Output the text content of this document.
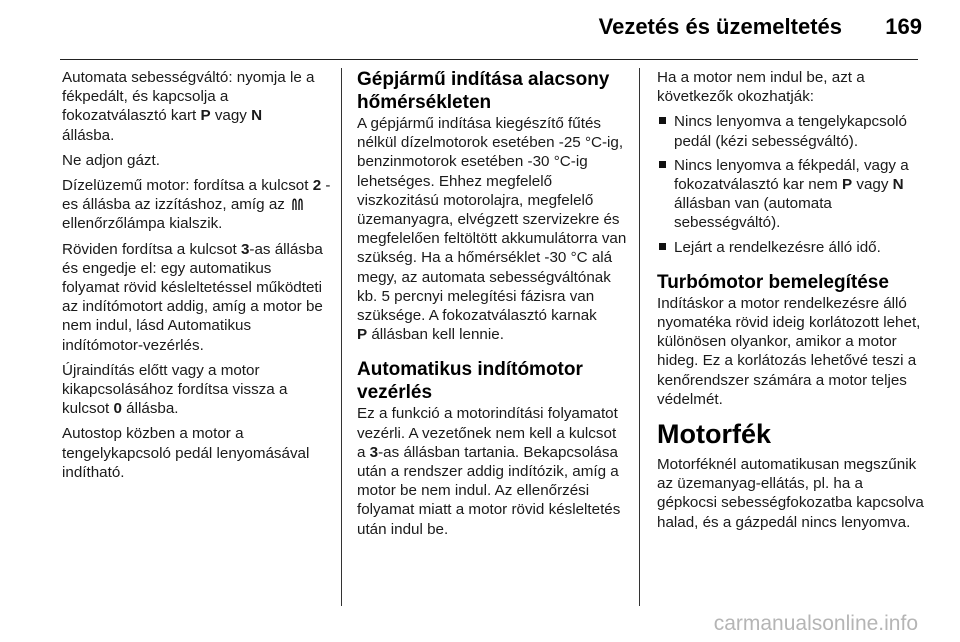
Vezetés és üzemeltetés 169

Automata sebességváltó: nyomja le a fékpedált, és kapcsolja a fokozatválasztó kart P vagy N
állásba.

Ne adjon gázt.

Dízelüzemű motor: fordítsa a kulcsot 2 - es állásba az izzításhoz, amíg az  ellenőrzőlámpa kialszik.

Röviden fordítsa a kulcsot 3-as állásba és engedje el: egy automatikus folyamat rövid késleltetéssel működteti az indítómotort addig, amíg a motor be nem indul, lásd Automatikus indítómotor-vezérlés.

Újraindítás előtt vagy a motor kikapcsolásához fordítsa vissza a kulcsot 0 állásba.

Autostop közben a motor a tengelykapcsoló pedál lenyomásával indítható.

Gépjármű indítása alacsony hőmérsékleten

A gépjármű indítása kiegészítő fűtés nélkül dízelmotorok esetében -25 °C-ig, benzinmotorok esetében -30 °C-ig lehetséges. Ehhez megfelelő viszkozitású motorolajra, megfelelő üzemanyagra, elvégzett szervizekre és megfelelően feltöltött akkumulátorra van szükség. Ha a hőmérséklet -30 °C alá megy, az automata sebességváltónak kb. 5 percnyi melegítési fázisra van szüksége. A fokozatválasztó karnak
P állásban kell lennie.

Automatikus indítómotor vezérlés

Ez a funkció a motorindítási folyamatot vezérli. A vezetőnek nem kell a kulcsot a 3-as állásban tartania. Bekapcsolása után a rendszer addig indítózik, amíg a motor be nem indul. Az ellenőrzési folyamat miatt a motor rövid késleltetés után indul be.

Ha a motor nem indul be, azt a következők okozhatják:

Nincs lenyomva a tengelykapcsoló pedál (kézi sebességváltó).
Nincs lenyomva a fékpedál, vagy a fokozatválasztó kar nem P vagy N
állásban van (automata sebességváltó).
Lejárt a rendelkezésre álló idő.
Turbómotor bemelegítése

Indításkor a motor rendelkezésre álló nyomatéka rövid ideig korlátozott lehet, különösen olyankor, amikor a motor hideg. Ez a korlátozás lehetővé teszi a kenőrendszer számára a motor teljes védelmét.

Motorfék

Motorféknél automatikusan megszűnik az üzemanyag-ellátás, pl. ha a gépkocsi sebességfokozatba kapcsolva halad, és a gázpedál nincs lenyomva.

carmanualsonline.info
